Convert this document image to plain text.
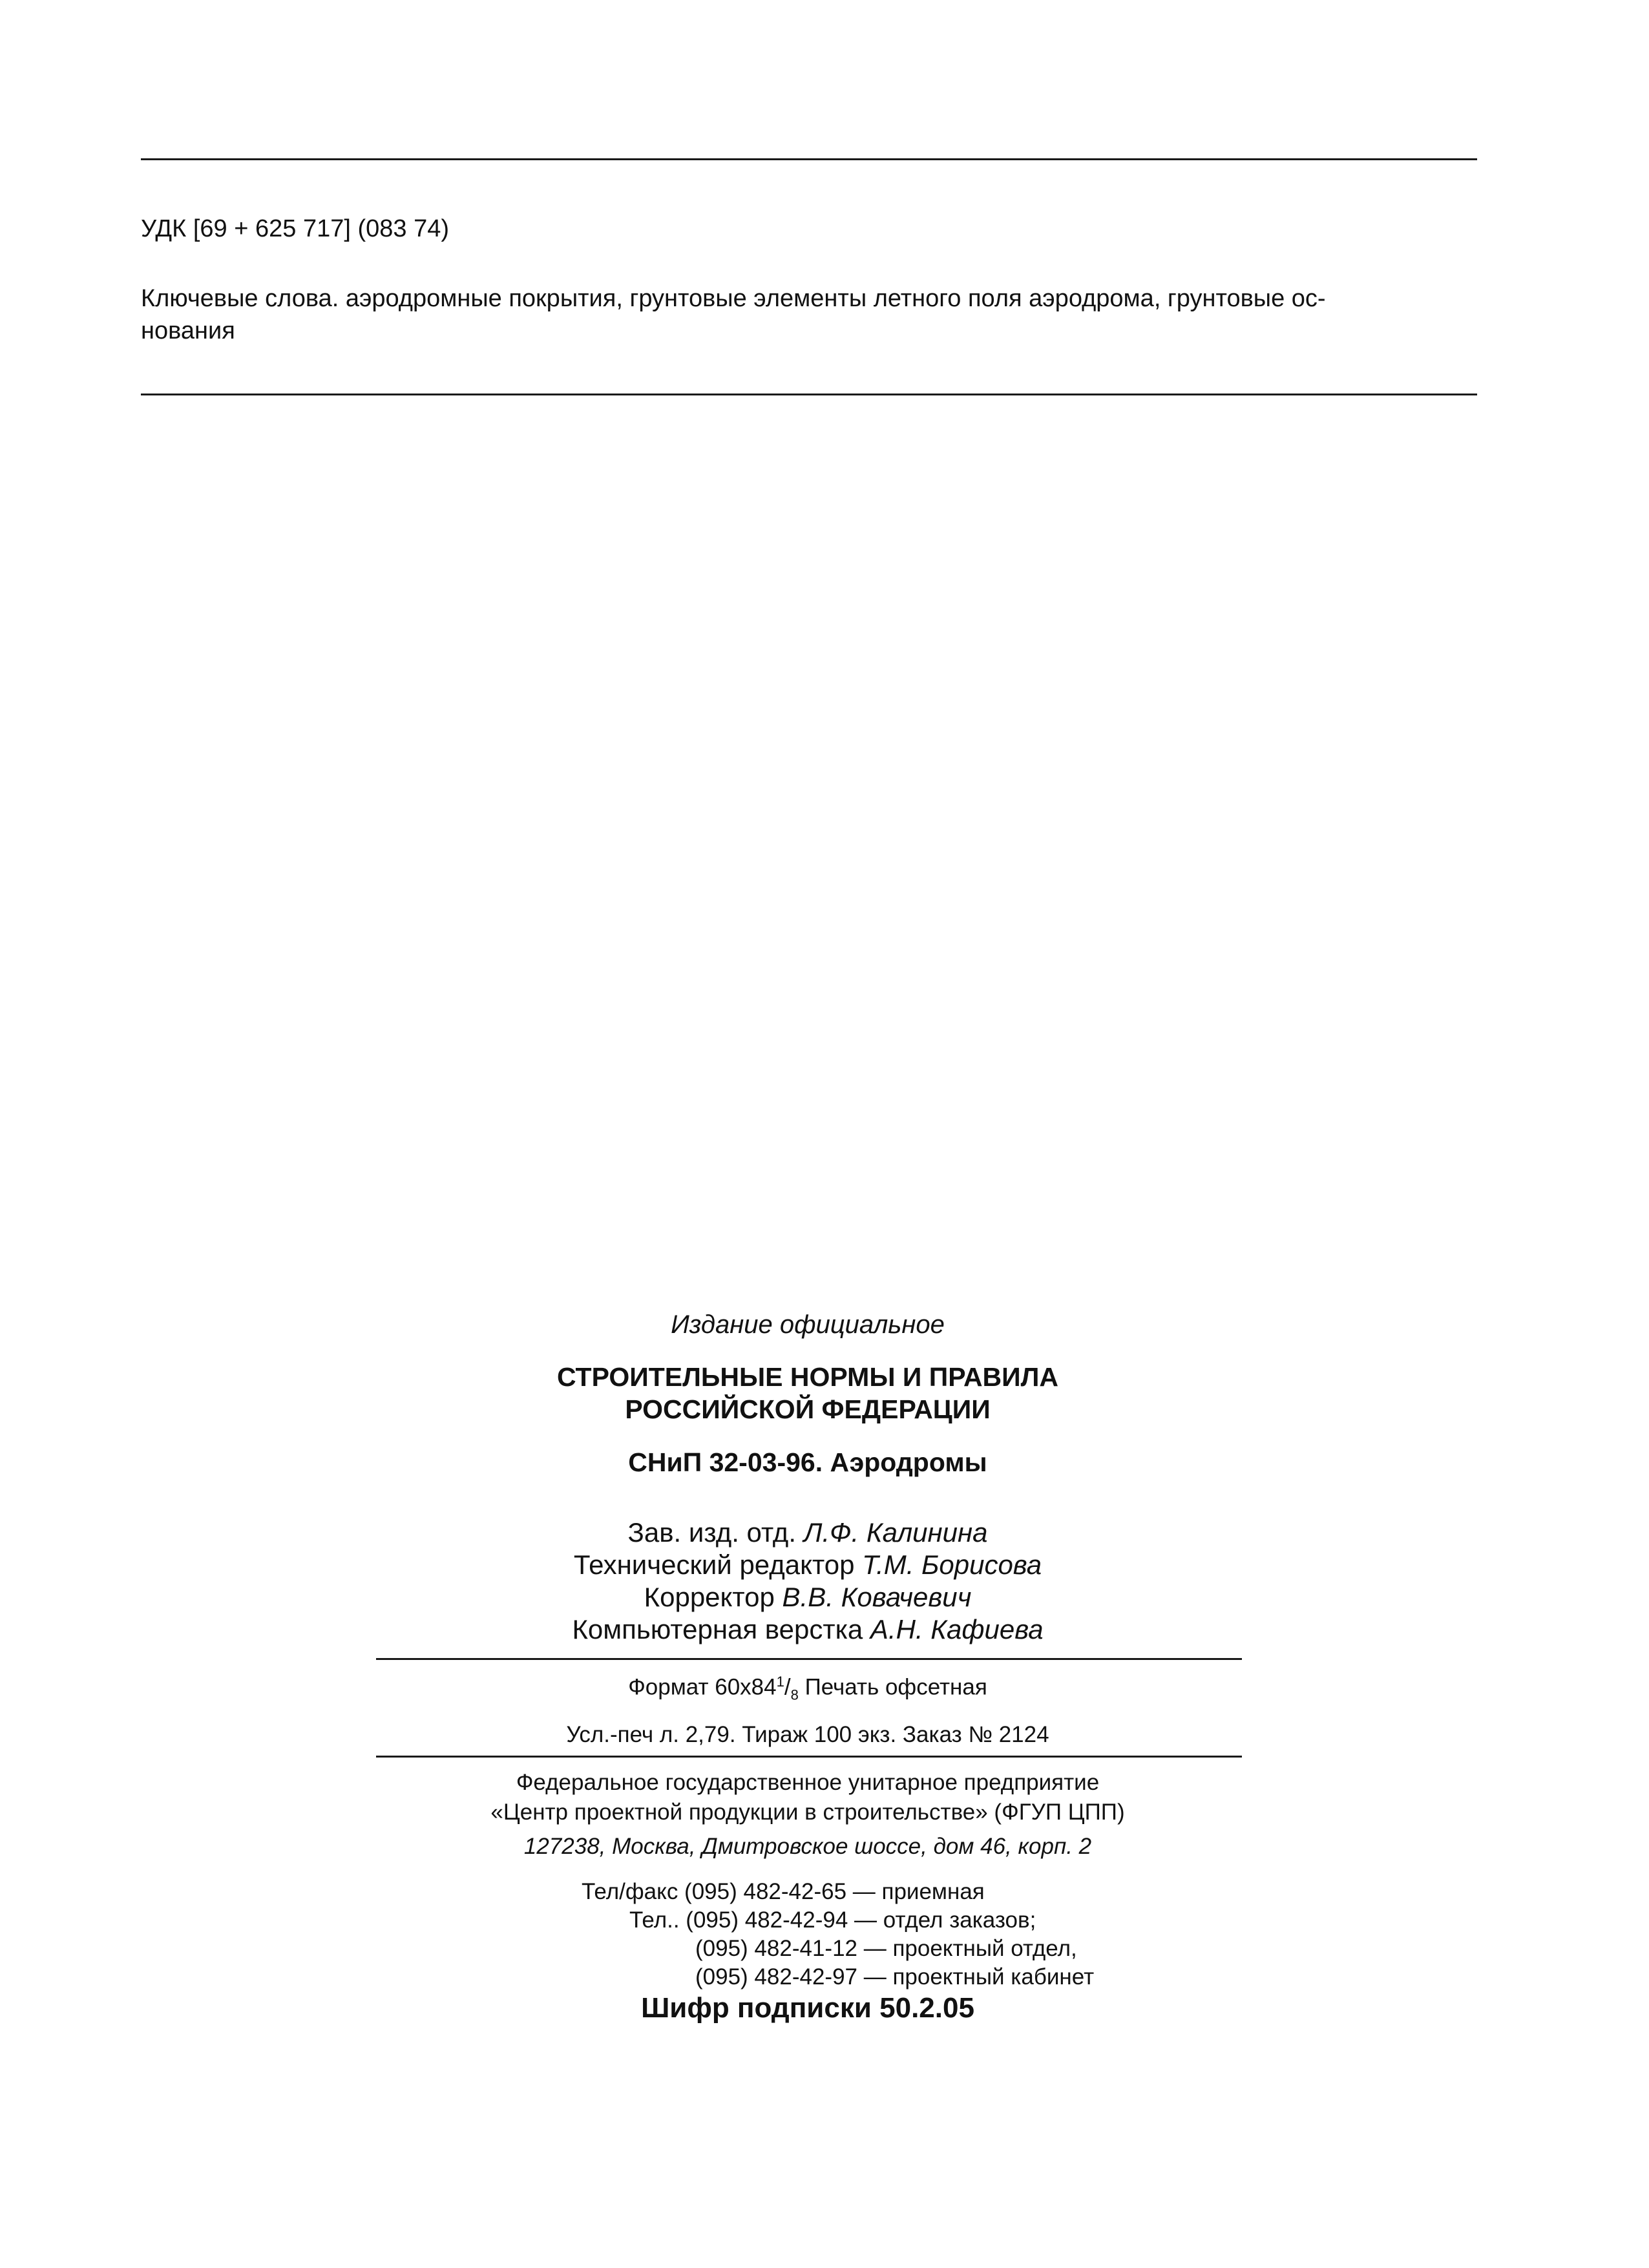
УДК [69 + 625 717] (083 74)
Ключевые слова. аэродромные покрытия, грунтовые элементы летного поля аэродрома, грунтовые ос-
нования
Издание официальное
СТРОИТЕЛЬНЫЕ НОРМЫ И ПРАВИЛА
РОССИЙСКОЙ ФЕДЕРАЦИИ
СНиП 32-03-96. Аэродромы
Зав. изд. отд. Л.Ф. Калинина
Технический редактор Т.М. Борисова
Корректор В.В. Ковачевич
Компьютерная верстка А.Н. Кафиева
Формат $60х84^1/_8$ Печать офсетная
Усл.-печ л. 2,79. Тираж 100 экз. Заказ № 2124
Федеральное государственное унитарное предприятие
«Центр проектной продукции в строительстве» (ФГУП ЦПП)
127238, Москва, Дмитровское шоссе, дом 46, корп. 2
Тел/факс (095) 482-42-65 — приемная
Тел.. (095) 482-42-94 — отдел заказов;
(095) 482-41-12 — проектный отдел,
(095) 482-42-97 — проектный кабинет
Шифр подписки 50.2.05
